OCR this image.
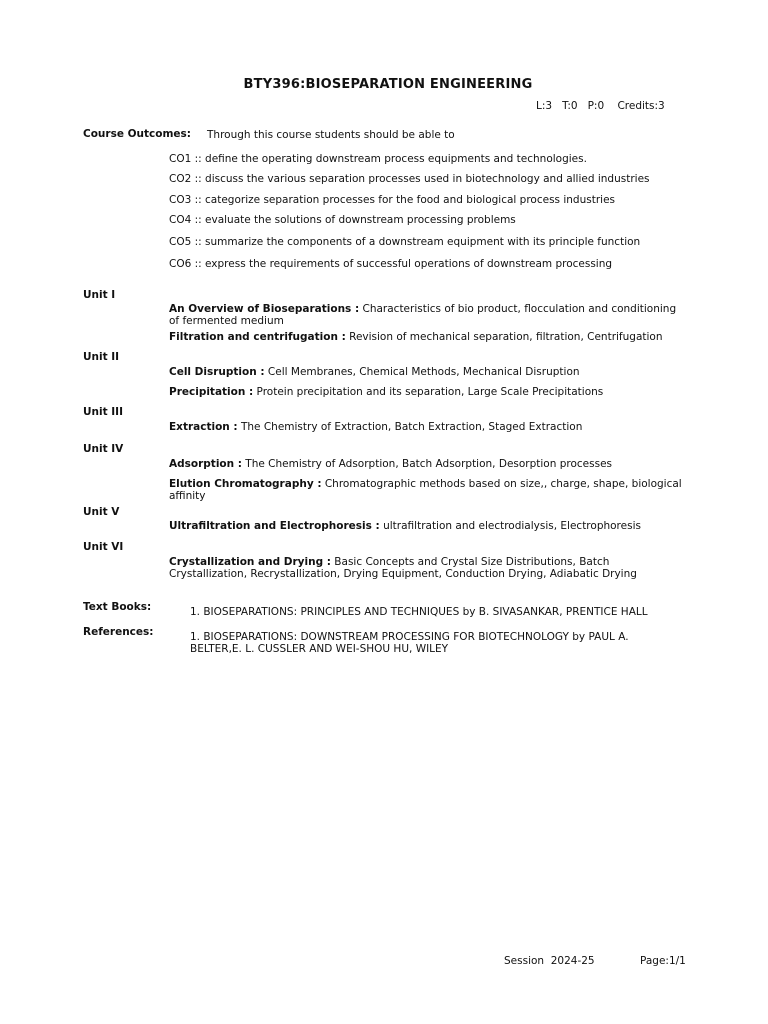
BTY396:BIOSEPARATION ENGINEERING
L:3   T:0   P:0    Credits:3
Course Outcomes: Through this course students should be able to
CO1 :: define the operating downstream process equipments and technologies.
CO2 :: discuss the various separation processes used in biotechnology and allied industries
CO3 :: categorize separation processes for the food and biological process industries
CO4 :: evaluate the solutions of downstream processing problems
CO5 :: summarize the components of a downstream equipment with its principle function
CO6 :: express the requirements of successful operations of downstream processing
Unit I
An Overview of Bioseparations : Characteristics of bio product, flocculation and conditioning of fermented medium
Filtration and centrifugation : Revision of mechanical separation, filtration, Centrifugation
Unit II
Cell Disruption : Cell Membranes, Chemical Methods, Mechanical Disruption
Precipitation : Protein precipitation and its separation, Large Scale Precipitations
Unit III
Extraction : The Chemistry of Extraction, Batch Extraction, Staged Extraction
Unit IV
Adsorption : The Chemistry of Adsorption, Batch Adsorption, Desorption processes
Elution Chromatography : Chromatographic methods based on size,, charge, shape, biological affinity
Unit V
Ultrafiltration and Electrophoresis : ultrafiltration and electrodialysis, Electrophoresis
Unit VI
Crystallization and Drying : Basic Concepts and Crystal Size Distributions, Batch Crystallization, Recrystallization, Drying Equipment, Conduction Drying, Adiabatic Drying
Text Books:	1. BIOSEPARATIONS: PRINCIPLES AND TECHNIQUES by B. SIVASANKAR, PRENTICE HALL
References:	1. BIOSEPARATIONS: DOWNSTREAM PROCESSING FOR BIOTECHNOLOGY by PAUL A. BELTER,E. L. CUSSLER AND WEI-SHOU HU, WILEY
Session  2024-25	Page:1/1
